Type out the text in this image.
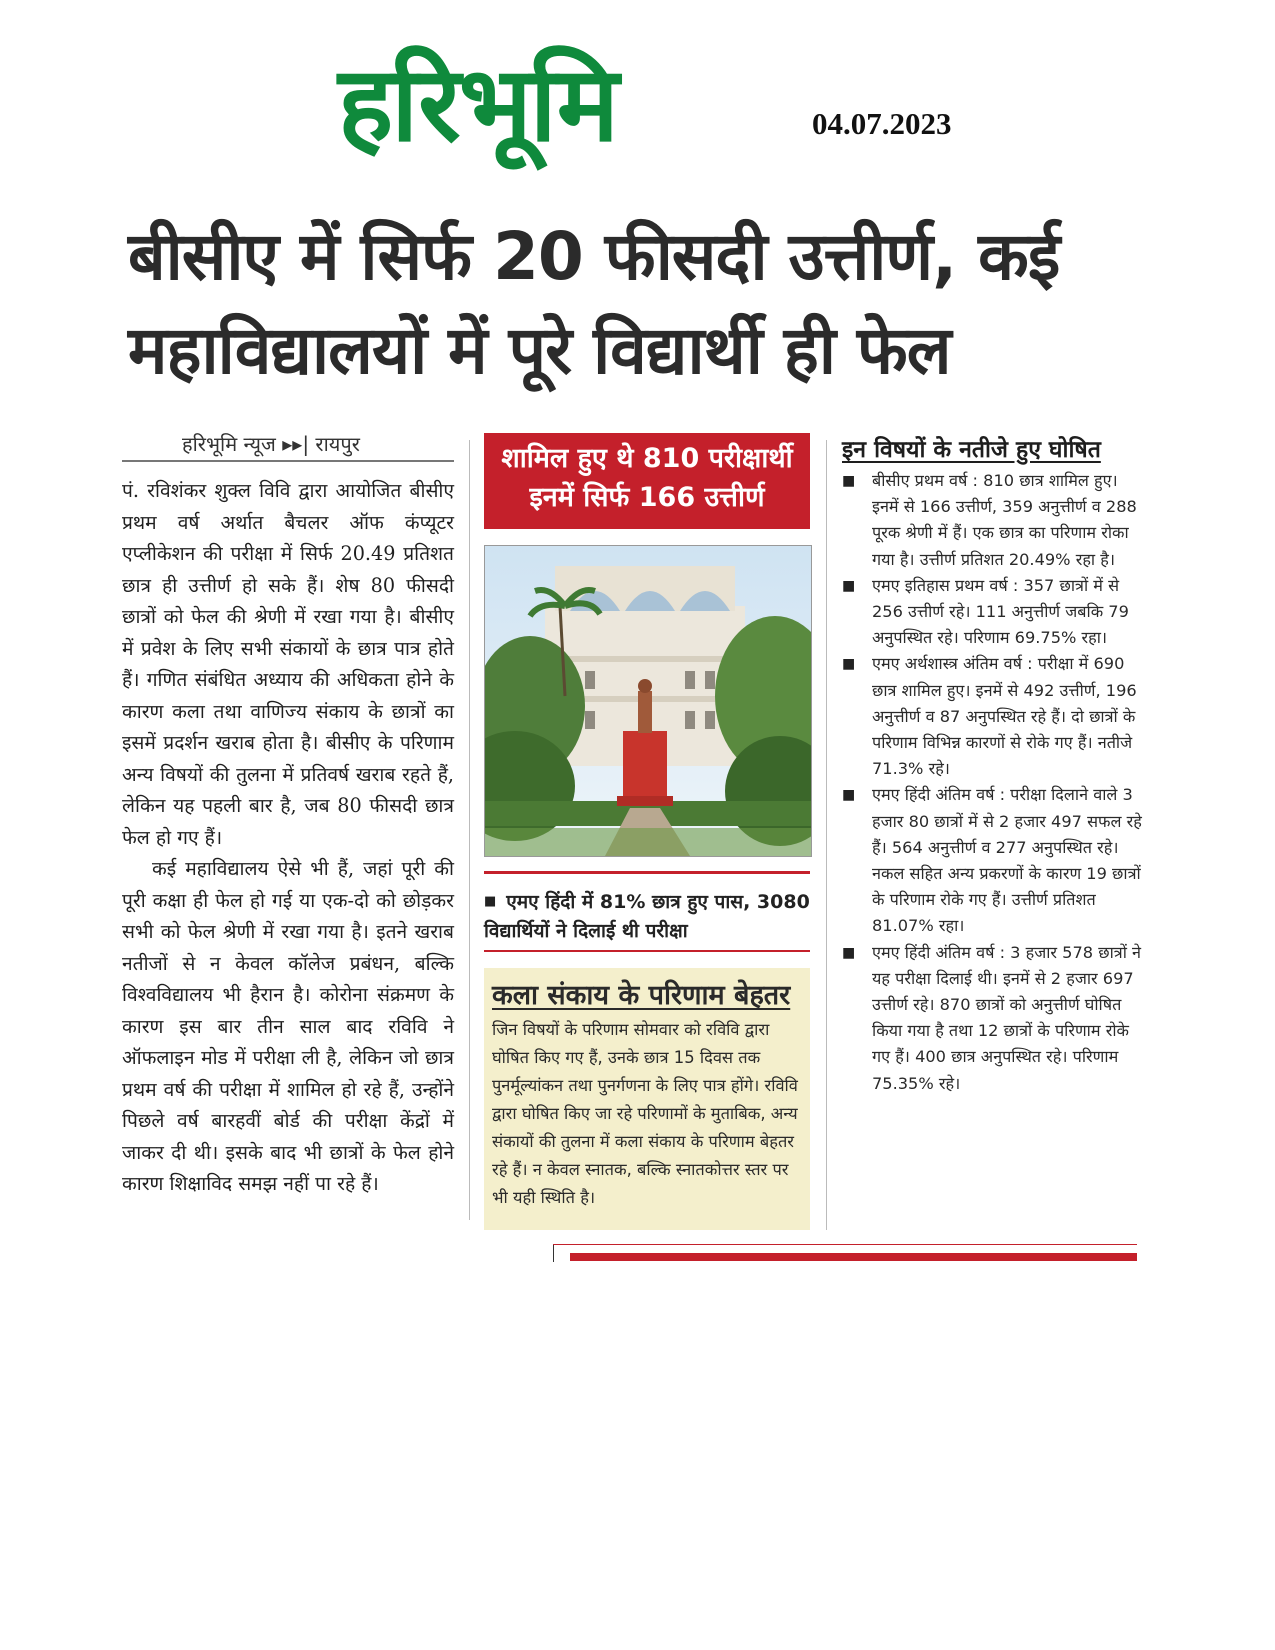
हरिभूमि	04.07.2023
बीसीए में सिर्फ 20 फीसदी उत्तीर्ण, कई
महाविद्यालयों में पूरे विद्यार्थी ही फेल
हरिभूमि न्यूज ▸▸| रायपुर

पं. रविशंकर शुक्ल विवि द्वारा आयोजित बीसीए प्रथम वर्ष अर्थात बैचलर ऑफ कंप्यूटर एप्लीकेशन की परीक्षा में सिर्फ 20.49 प्रतिशत छात्र ही उत्तीर्ण हो सके हैं। शेष 80 फीसदी छात्रों को फेल की श्रेणी में रखा गया है। बीसीए में प्रवेश के लिए सभी संकायों के छात्र पात्र होते हैं। गणित संबंधित अध्याय की अधिकता होने के कारण कला तथा वाणिज्य संकाय के छात्रों का इसमें प्रदर्शन खराब होता है। बीसीए के परिणाम अन्य विषयों की तुलना में प्रतिवर्ष खराब रहते हैं, लेकिन यह पहली बार है, जब 80 फीसदी छात्र फेल हो गए हैं।

कई महाविद्यालय ऐसे भी हैं, जहां पूरी की पूरी कक्षा ही फेल हो गई या एक-दो को छोड़कर सभी को फेल श्रेणी में रखा गया है। इतने खराब नतीजों से न केवल कॉलेज प्रबंधन, बल्कि विश्वविद्यालय भी हैरान है। कोरोना संक्रमण के कारण इस बार तीन साल बाद रविवि ने ऑफलाइन मोड में परीक्षा ली है, लेकिन जो छात्र प्रथम वर्ष की परीक्षा में शामिल हो रहे हैं, उन्होंने पिछले वर्ष बारहवीं बोर्ड की परीक्षा केंद्रों में जाकर दी थी। इसके बाद भी छात्रों के फेल होने कारण शिक्षाविद समझ नहीं पा रहे हैं।

शामिल हुए थे 810 परीक्षार्थी
इनमें सिर्फ 166 उत्तीर्ण
■ एमए हिंदी में 81% छात्र हुए पास, 3080 विद्यार्थियों ने दिलाई थी परीक्षा
कला संकाय के परिणाम बेहतर
जिन विषयों के परिणाम सोमवार को रविवि द्वारा घोषित किए गए हैं, उनके छात्र 15 दिवस तक पुनर्मूल्यांकन तथा पुनर्गणना के लिए पात्र होंगे। रविवि द्वारा घोषित किए जा रहे परिणामों के मुताबिक, अन्य संकायों की तुलना में कला संकाय के परिणाम बेहतर रहे हैं। न केवल स्नातक, बल्कि स्नातकोत्तर स्तर पर भी यही स्थिति है।
इन विषयों के नतीजे हुए घोषित
■ बीसीए प्रथम वर्ष : 810 छात्र शामिल हुए। इनमें से 166 उत्तीर्ण, 359 अनुत्तीर्ण व 288 पूरक श्रेणी में हैं। एक छात्र का परिणाम रोका गया है। उत्तीर्ण प्रतिशत 20.49% रहा है।
■ एमए इतिहास प्रथम वर्ष : 357 छात्रों में से 256 उत्तीर्ण रहे। 111 अनुत्तीर्ण जबकि 79 अनुपस्थित रहे। परिणाम 69.75% रहा।
■ एमए अर्थशास्त्र अंतिम वर्ष : परीक्षा में 690 छात्र शामिल हुए। इनमें से 492 उत्तीर्ण, 196 अनुत्तीर्ण व 87 अनुपस्थित रहे हैं। दो छात्रों के परिणाम विभिन्न कारणों से रोके गए हैं। नतीजे 71.3% रहे।
■ एमए हिंदी अंतिम वर्ष : परीक्षा दिलाने वाले 3 हजार 80 छात्रों में से 2 हजार 497 सफल रहे हैं। 564 अनुत्तीर्ण व 277 अनुपस्थित रहे। नकल सहित अन्य प्रकरणों के कारण 19 छात्रों के परिणाम रोके गए हैं। उत्तीर्ण प्रतिशत 81.07% रहा।
■ एमए हिंदी अंतिम वर्ष : 3 हजार 578 छात्रों ने यह परीक्षा दिलाई थी। इनमें से 2 हजार 697 उत्तीर्ण रहे। 870 छात्रों को अनुत्तीर्ण घोषित किया गया है तथा 12 छात्रों के परिणाम रोके गए हैं। 400 छात्र अनुपस्थित रहे। परिणाम 75.35% रहे।
